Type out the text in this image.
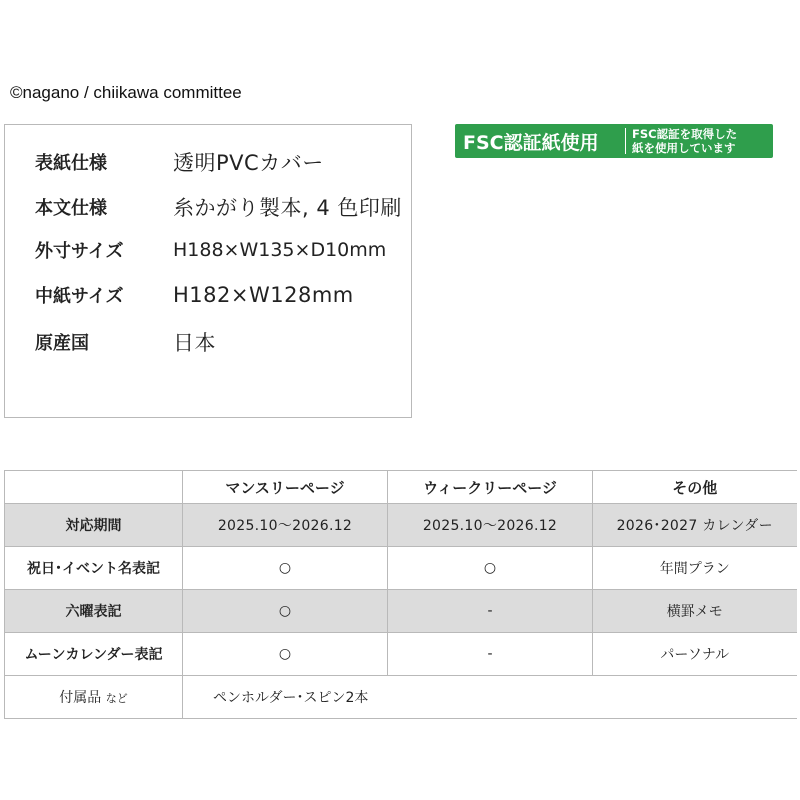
©nagano / chiikawa committee
表紙仕様	透明PVCカバー
本文仕様	糸かがり製本, 4 色印刷
外寸サイズ	H188×W135×D10mm
中紙サイズ	H182×W128mm
原産国	日本
FSC認証紙使用	FSC認証を取得した
紙を使用しています
	マンスリーページ	ウィークリーページ	その他
対応期間	2025.10～2026.12	2025.10～2026.12	2026･2027 カレンダー
祝日･イベント名表記	○	○	年間プラン
六曜表記	○	-	横罫メモ
ムーンカレンダー表記	○	-	パーソナル
付属品 など	ペンホルダー･スピン2本		
